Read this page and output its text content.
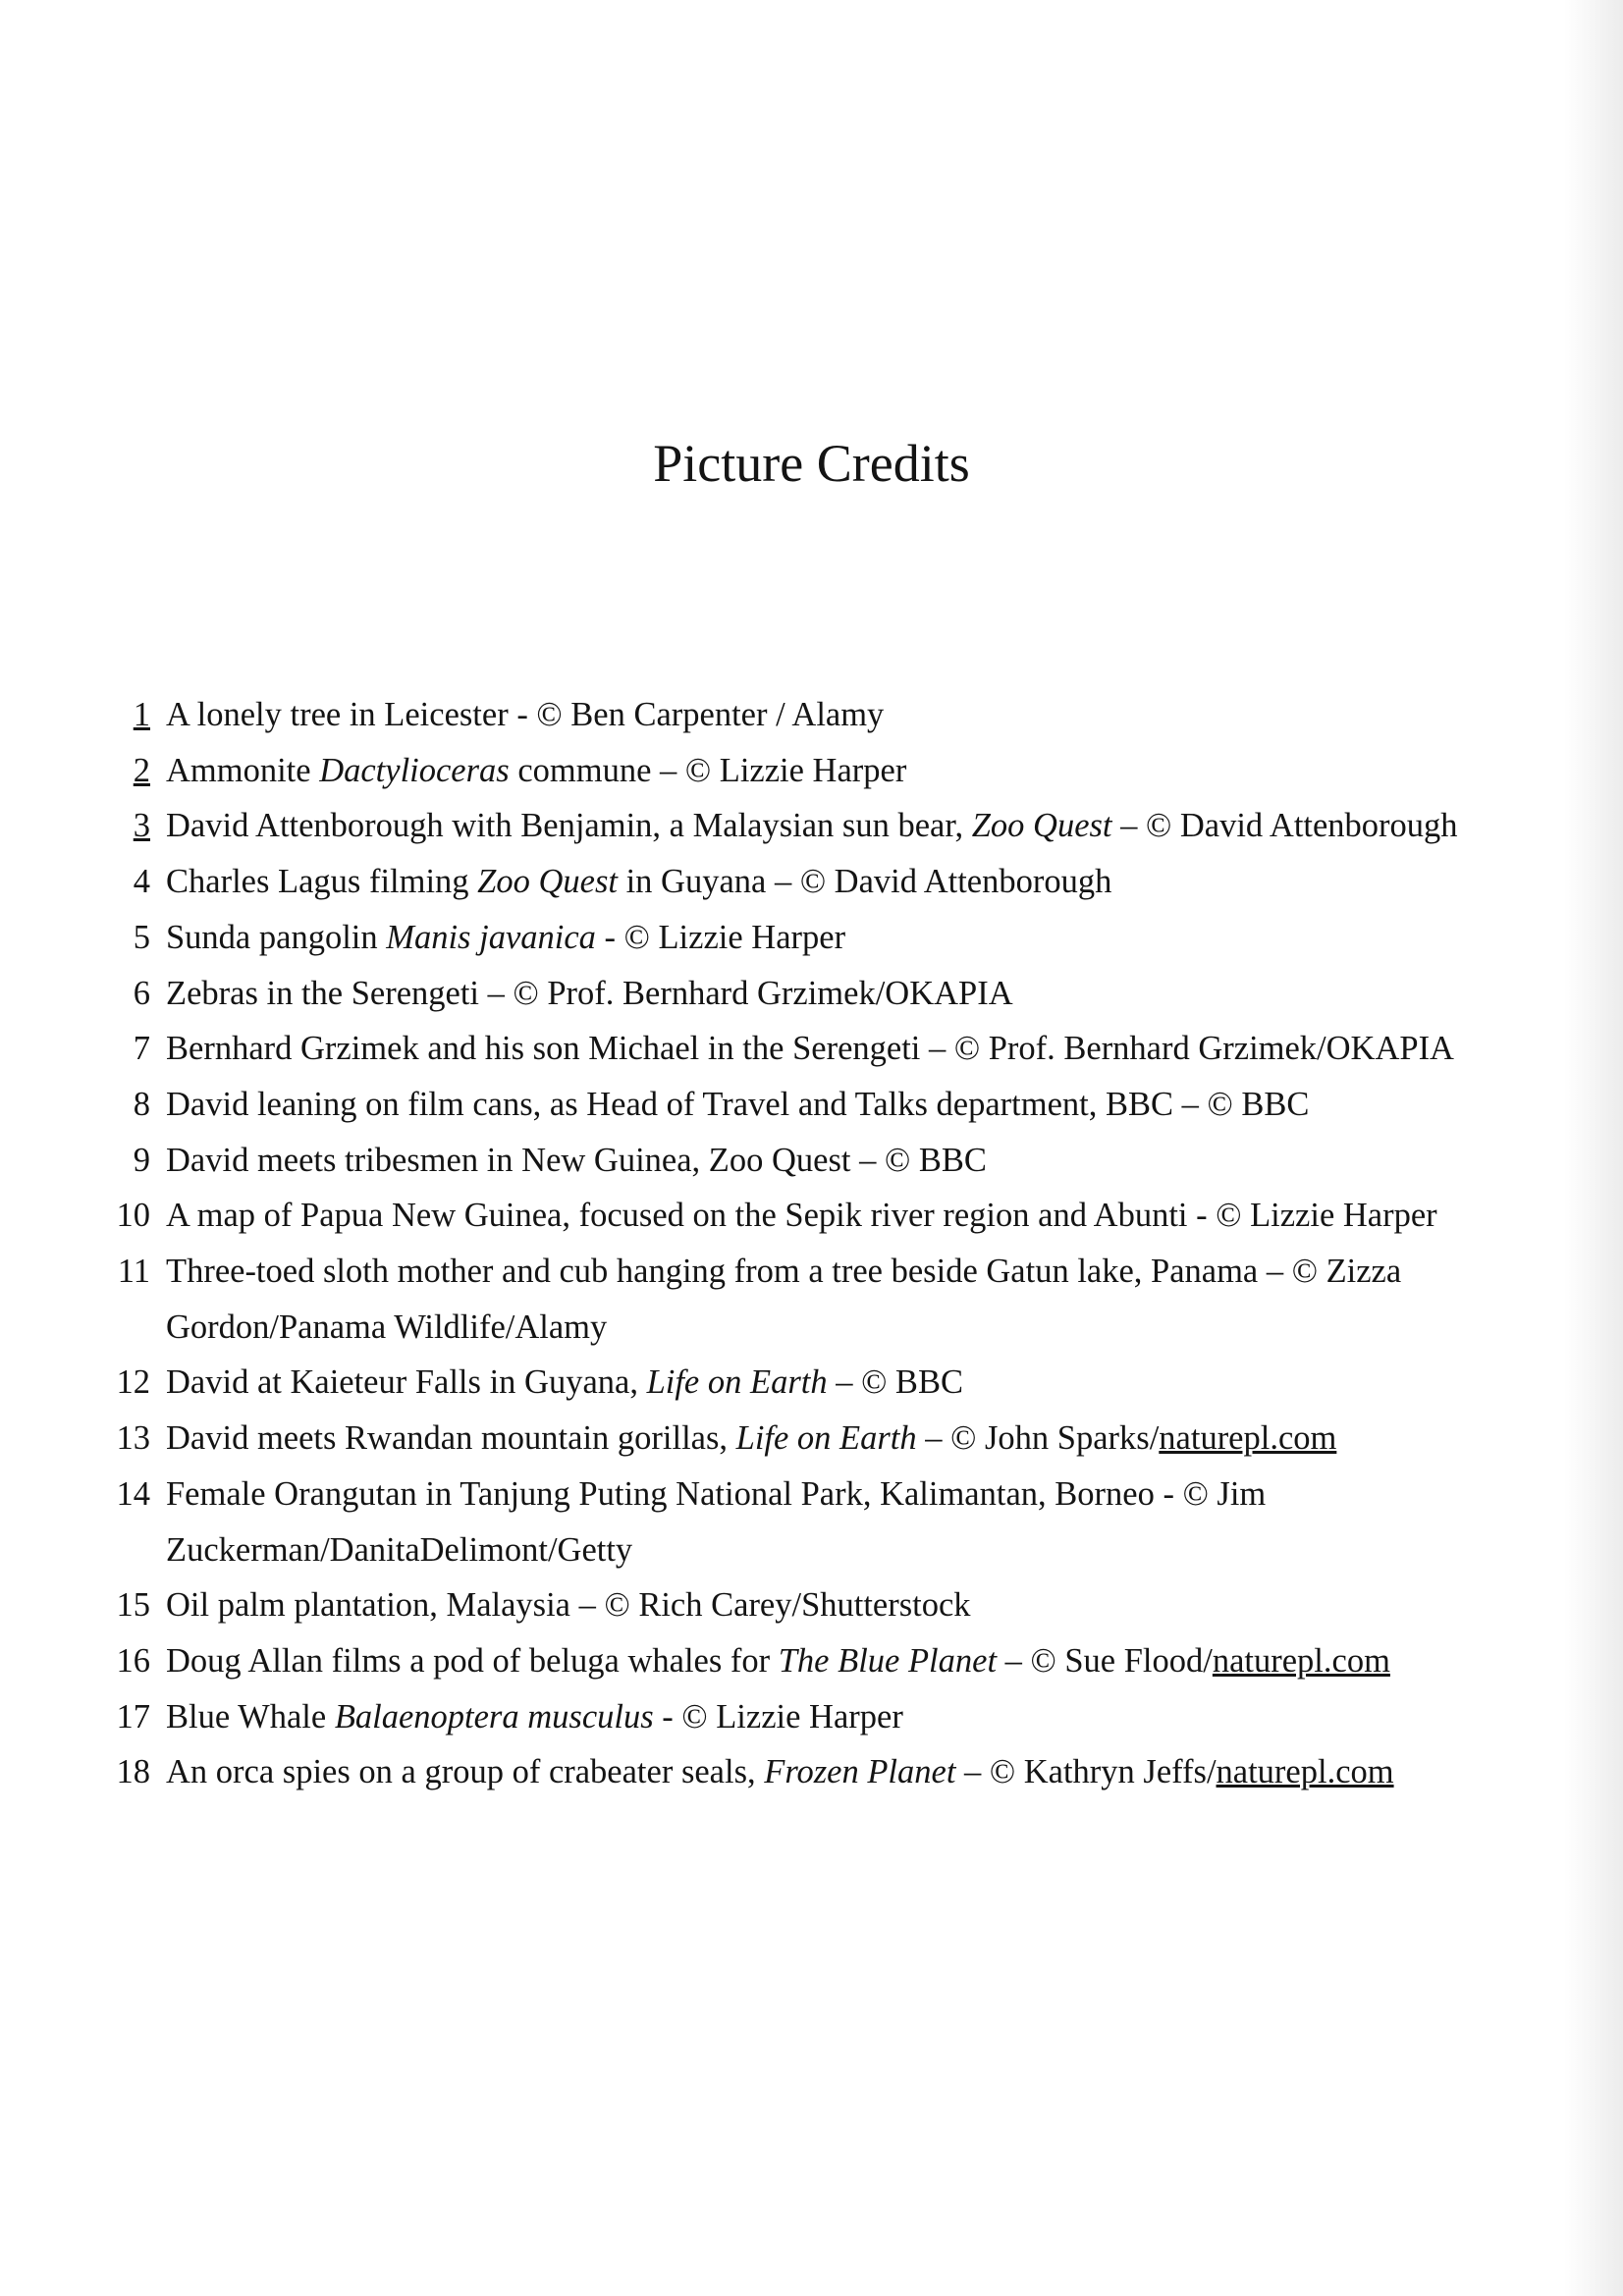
Picture Credits
1 A lonely tree in Leicester - © Ben Carpenter / Alamy
2 Ammonite Dactylioceras commune – © Lizzie Harper
3 David Attenborough with Benjamin, a Malaysian sun bear, Zoo Quest – © David Attenborough
4 Charles Lagus filming Zoo Quest in Guyana – © David Attenborough
5 Sunda pangolin Manis javanica - © Lizzie Harper
6 Zebras in the Serengeti – © Prof. Bernhard Grzimek/OKAPIA
7 Bernhard Grzimek and his son Michael in the Serengeti – © Prof. Bernhard Grzimek/OKAPIA
8 David leaning on film cans, as Head of Travel and Talks department, BBC – © BBC
9 David meets tribesmen in New Guinea, Zoo Quest – © BBC
10 A map of Papua New Guinea, focused on the Sepik river region and Abunti - © Lizzie Harper
11 Three-toed sloth mother and cub hanging from a tree beside Gatun lake, Panama – © Zizza Gordon/Panama Wildlife/Alamy
12 David at Kaieteur Falls in Guyana, Life on Earth – © BBC
13 David meets Rwandan mountain gorillas, Life on Earth – © John Sparks/naturepl.com
14 Female Orangutan in Tanjung Puting National Park, Kalimantan, Borneo - © Jim Zuckerman/DanitaDelimont/Getty
15 Oil palm plantation, Malaysia – © Rich Carey/Shutterstock
16 Doug Allan films a pod of beluga whales for The Blue Planet – © Sue Flood/naturepl.com
17 Blue Whale Balaenoptera musculus - © Lizzie Harper
18 An orca spies on a group of crabeater seals, Frozen Planet – © Kathryn Jeffs/naturepl.com
